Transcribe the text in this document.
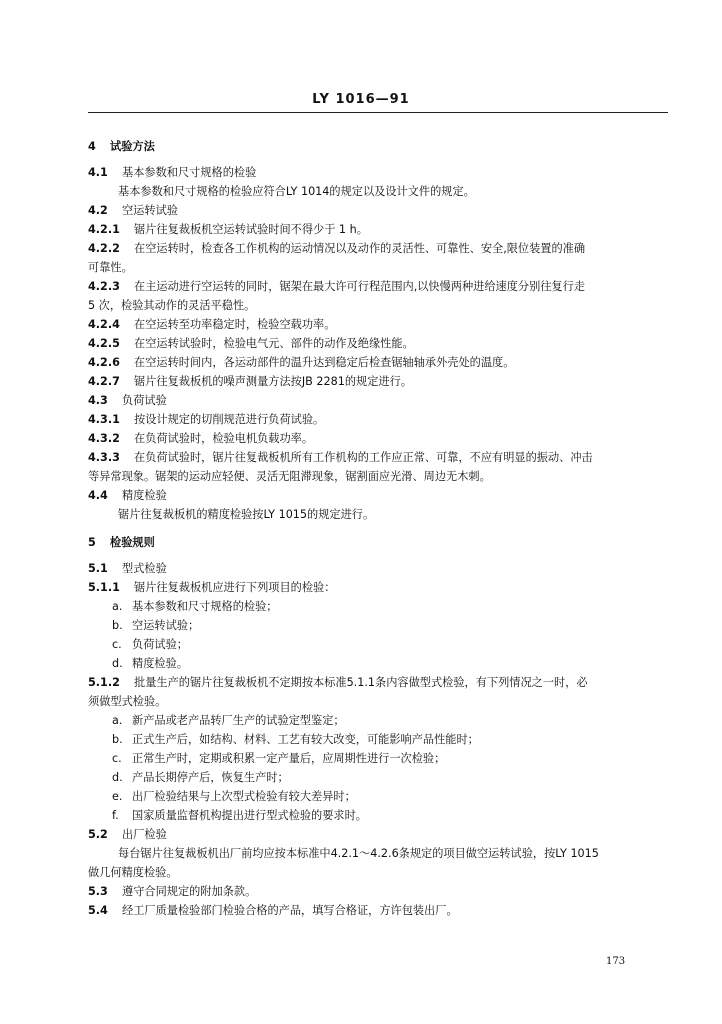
LY 1016—91
4 试验方法
4.1 基本参数和尺寸规格的检验
基本参数和尺寸规格的检验应符合LY 1014的规定以及设计文件的规定。
4.2 空运转试验
4.2.1 锯片往复裁板机空运转试验时间不得少于 1 h。
4.2.2 在空运转时，检查各工作机构的运动情况以及动作的灵活性、可靠性、安全,限位装置的准确
可靠性。
4.2.3 在主运动进行空运转的同时，锯架在最大许可行程范围内,以快慢两种进给速度分别往复行走
5 次，检验其动作的灵活平稳性。
4.2.4 在空运转至功率稳定时，检验空载功率。
4.2.5 在空运转试验时，检验电气元、部件的动作及绝缘性能。
4.2.6 在空运转时间内，各运动部件的温升达到稳定后检查锯轴轴承外壳处的温度。
4.2.7 锯片往复裁板机的噪声测量方法按JB 2281的规定进行。
4.3 负荷试验
4.3.1 按设计规定的切削规范进行负荷试验。
4.3.2 在负荷试验时，检验电机负载功率。
4.3.3 在负荷试验时，锯片往复裁板机所有工作机构的工作应正常、可靠，不应有明显的振动、冲击
等异常现象。锯架的运动应轻便、灵活无阻滞现象，锯割面应光滑、周边无木刺。
4.4 精度检验
锯片往复裁板机的精度检验按LY 1015的规定进行。
5 检验规则
5.1 型式检验
5.1.1 锯片往复裁板机应进行下列项目的检验：
a. 基本参数和尺寸规格的检验；
b. 空运转试验；
c. 负荷试验；
d. 精度检验。
5.1.2 批量生产的锯片往复裁板机不定期按本标准5.1.1条内容做型式检验，有下列情况之一时，必
须做型式检验。
a. 新产品或老产品转厂生产的试验定型鉴定；
b. 正式生产后，如结构、材料、工艺有较大改变，可能影响产品性能时；
c. 正常生产时，定期或积累一定产量后，应周期性进行一次检验；
d. 产品长期停产后，恢复生产时；
e. 出厂检验结果与上次型式检验有较大差异时；
f. 国家质量监督机构提出进行型式检验的要求时。
5.2 出厂检验
每台锯片往复裁板机出厂前均应按本标准中4.2.1～4.2.6条规定的项目做空运转试验，按LY 1015
做几何精度检验。
5.3 遵守合同规定的附加条款。
5.4 经工厂质量检验部门检验合格的产品，填写合格证，方许包装出厂。
173
